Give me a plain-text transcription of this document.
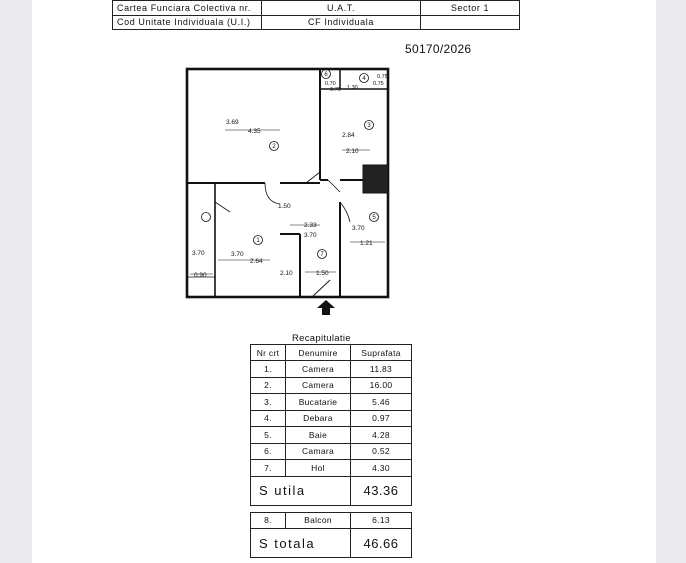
Cartea Funciara Colectiva nr.	U.A.T.	Sector 1
Cod Unitate Individuala (U.I.)	CF Individuala	
50170/2026
1
2
3
4
5
6
7
3.69
4.35
2.84
2.10
0.70	0.75
1.30
0.75
0.75
1.50
2.33
3.70
3.70
3.70
1.21
3.70
2.64
0.90	2.10	1.50
Recapitulatie
Nr crt	Denumire	Suprafata
1.	Camera	11.83
2.	Camera	16.00
3.	Bucatarie	5.46
4.	Debara	0.97
5.	Baie	4.28
6.	Camara	0.52
7.	Hol	4.30
S utila		43.36

8.	Balcon	6.13
S totala		46.66
